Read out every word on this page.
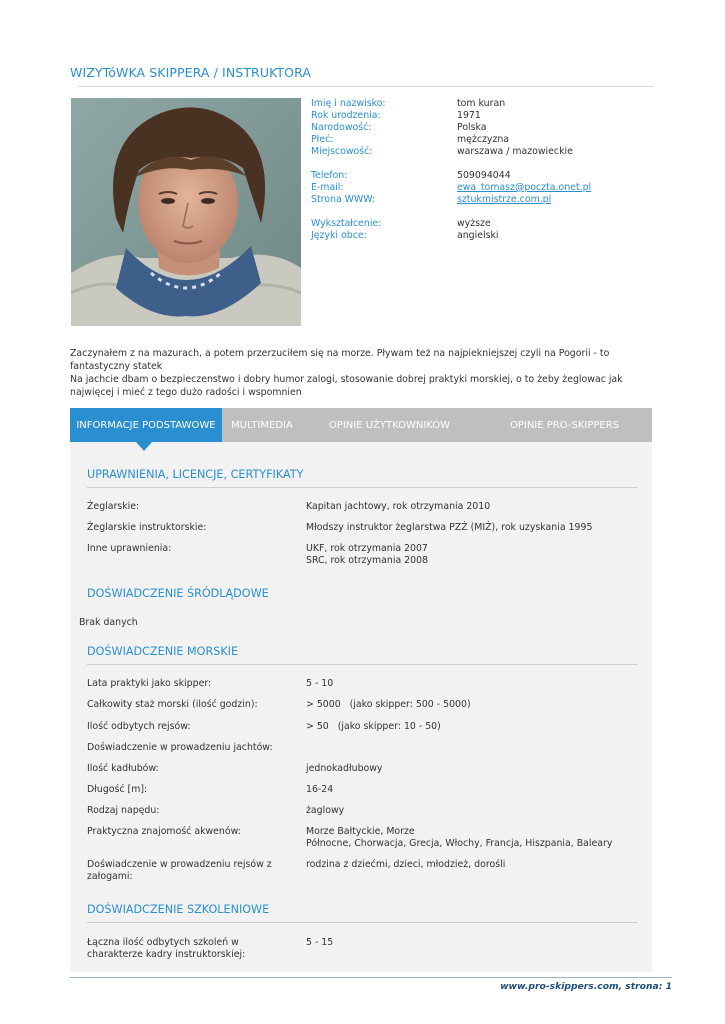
WIZYTóWKA SKIPPERA / INSTRUKTORA
Imię i nazwisko:	tom kuran
Rok urodzenia:	1971
Narodowość:	Polska
Płeć:	mężczyzna
Miejscowość:	warszawa / mazowieckie
Telefon:	509094044
E-mail:	ewa_tomasz@poczta.onet.pl
Strona WWW:	sztukmistrze.com.pl
Wykształcenie:	wyższe
Języki obce:	angielski
Zaczynałem z na mazurach, a potem przerzuciłem się na morze. Pływam też na najpiekniejszej czyli na Pogorii - to fantastyczny statek
Na jachcie dbam o bezpieczenstwo i dobry humor zalogi, stosowanie dobrej praktyki morskiej, o to żeby żeglowac jak najwięcej i mieć z tego dużo radości i wspomnien
INFORMACJE PODSTAWOWE	MULTIMEDIA	OPINIE UŻYTKOWNIKÓW	OPINIE PRO-SKIPPERS
UPRAWNIENIA, LICENCJE, CERTYFIKATY
Żeglarskie:	Kapitan jachtowy, rok otrzymania 2010
Żeglarskie instruktorskie:	Młodszy instruktor żeglarstwa PZŻ (MIŻ), rok uzyskania 1995
Inne uprawnienia:	UKF, rok otrzymania 2007
SRC, rok otrzymania 2008
DOŚWIADCZENIE ŚRÓDLĄDOWE
Brak danych
DOŚWIADCZENIE MORSKIE
Lata praktyki jako skipper:	5 - 10
Całkowity staż morski (ilość godzin):	> 5000   (jako skipper: 500 - 5000)
Ilość odbytych rejsów:	> 50   (jako skipper: 10 - 50)
Doświadczenie w prowadzeniu jachtów:
Ilość kadłubów:	jednokadłubowy
Długość [m]:	16-24
Rodzaj napędu:	żaglowy
Praktyczna znajomość akwenów:	Morze Bałtyckie, Morze
Północne, Chorwacja, Grecja, Włochy, Francja, Hiszpania, Baleary
Doświadczenie w prowadzeniu rejsów z załogami:
rodzina z dziećmi, dzieci, młodzież, dorośli
DOŚWIADCZENIE SZKOLENIOWE
Łączna ilość odbytych szkoleń w charakterze kadry instruktorskiej:
5 - 15
www.pro-skippers.com, strona: 1
